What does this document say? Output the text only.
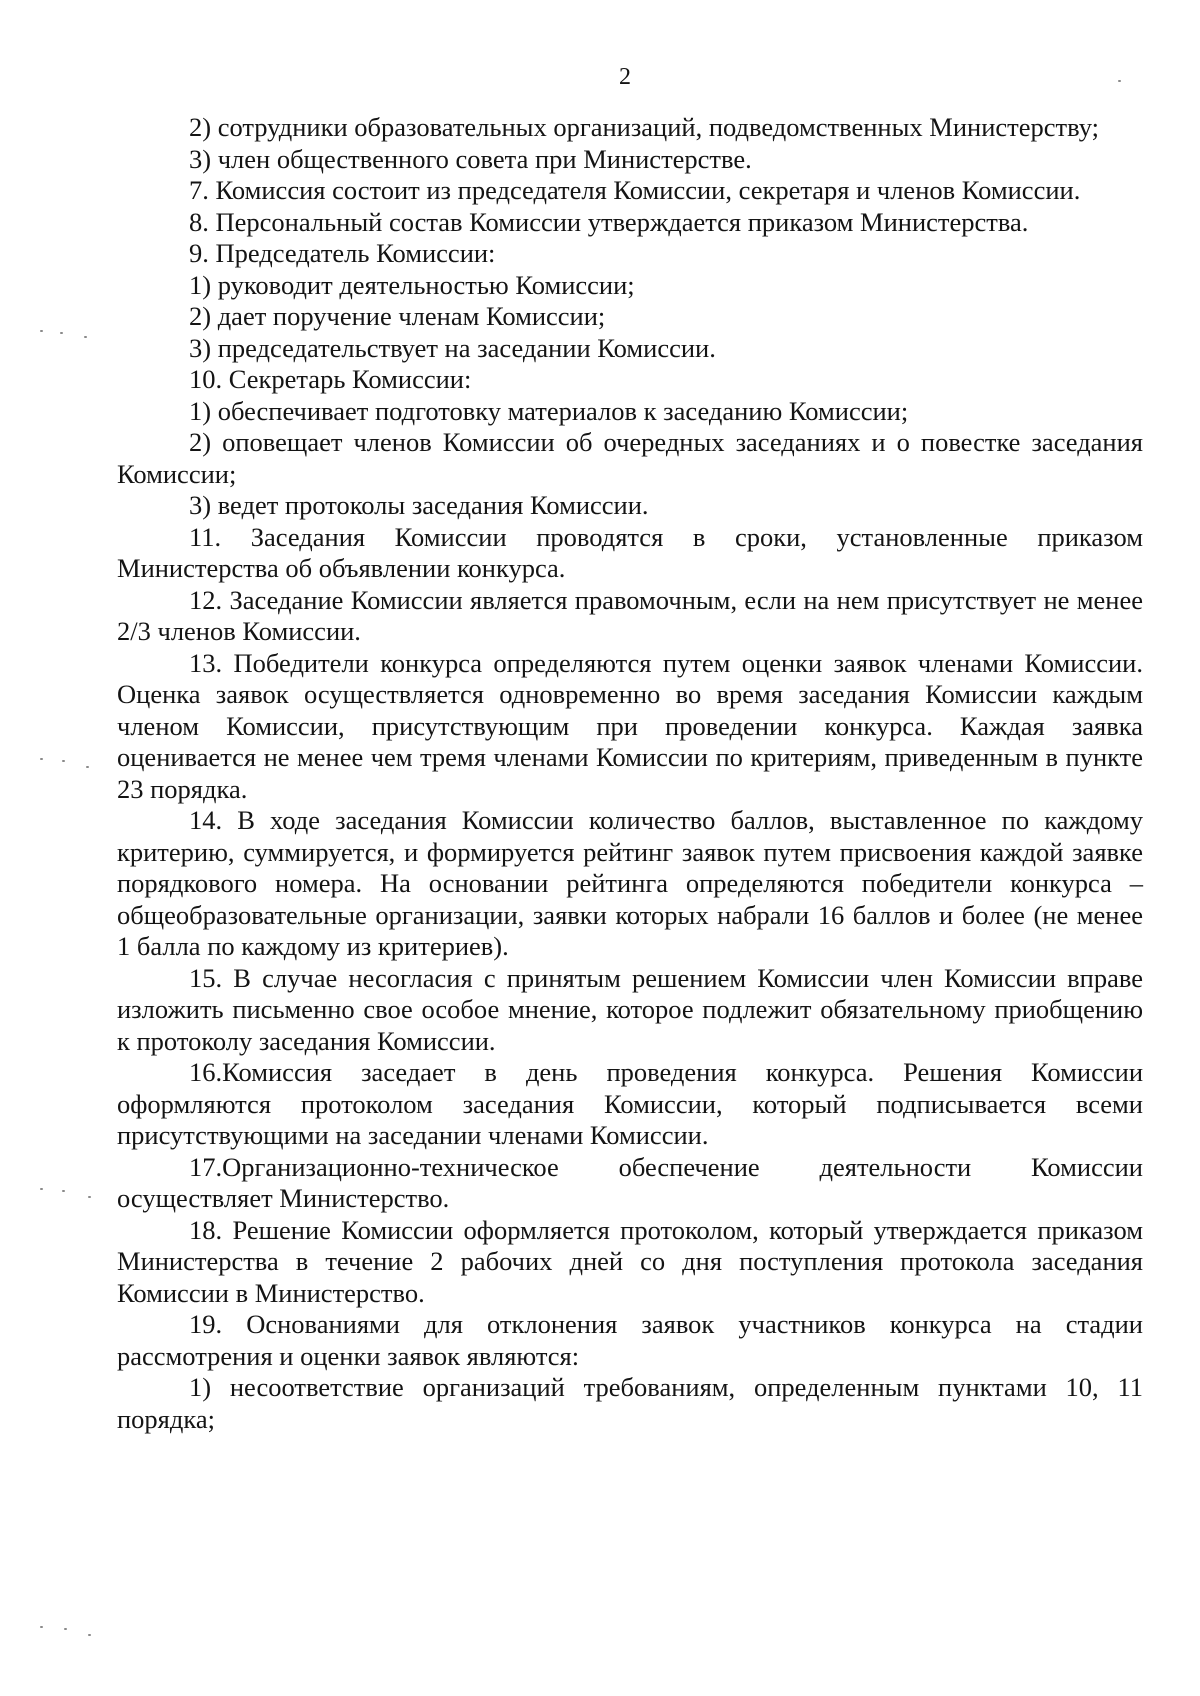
2

2) сотрудники образовательных организаций, подведомственных Министерству;

3) член общественного совета при Министерстве.

7. Комиссия состоит из председателя Комиссии, секретаря и членов Комиссии.

8. Персональный состав Комиссии утверждается приказом Министерства.

9. Председатель Комиссии:

1) руководит деятельностью Комиссии;

2) дает поручение членам Комиссии;

3) председательствует на заседании Комиссии.

10. Секретарь Комиссии:

1) обеспечивает подготовку материалов к заседанию Комиссии;

2) оповещает членов Комиссии об очередных заседаниях и о повестке заседания Комиссии;

3) ведет протоколы заседания Комиссии.

11. Заседания Комиссии проводятся в сроки, установленные приказом Министерства об объявлении конкурса.

12. Заседание Комиссии является правомочным, если на нем присутствует не менее 2/3 членов Комиссии.

13. Победители конкурса определяются путем оценки заявок членами Комиссии. Оценка заявок осуществляется одновременно во время заседания Комиссии каждым членом Комиссии, присутствующим при проведении конкурса. Каждая заявка оценивается не менее чем тремя членами Комиссии по критериям, приведенным в пункте 23 порядка.

14. В ходе заседания Комиссии количество баллов, выставленное по каждому критерию, суммируется, и формируется рейтинг заявок путем присвоения каждой заявке порядкового номера. На основании рейтинга определяются победители конкурса – общеобразовательные организации, заявки которых набрали 16 баллов и более (не менее 1 балла по каждому из критериев).

15. В случае несогласия с принятым решением Комиссии член Комиссии вправе изложить письменно свое особое мнение, которое подлежит обязательному приобщению к протоколу заседания Комиссии.

16.Комиссия заседает в день проведения конкурса. Решения Комиссии оформляются протоколом заседания Комиссии, который подписывается всеми присутствующими на заседании членами Комиссии.

17.Организационно-техническое обеспечение деятельности Комиссии осуществляет Министерство.

18. Решение Комиссии оформляется протоколом, который утверждается приказом Министерства в течение 2 рабочих дней со дня поступления протокола заседания Комиссии в Министерство.

19. Основаниями для отклонения заявок участников конкурса на стадии рассмотрения и оценки заявок являются:

1) несоответствие организаций требованиям, определенным пунктами 10, 11 порядка;
